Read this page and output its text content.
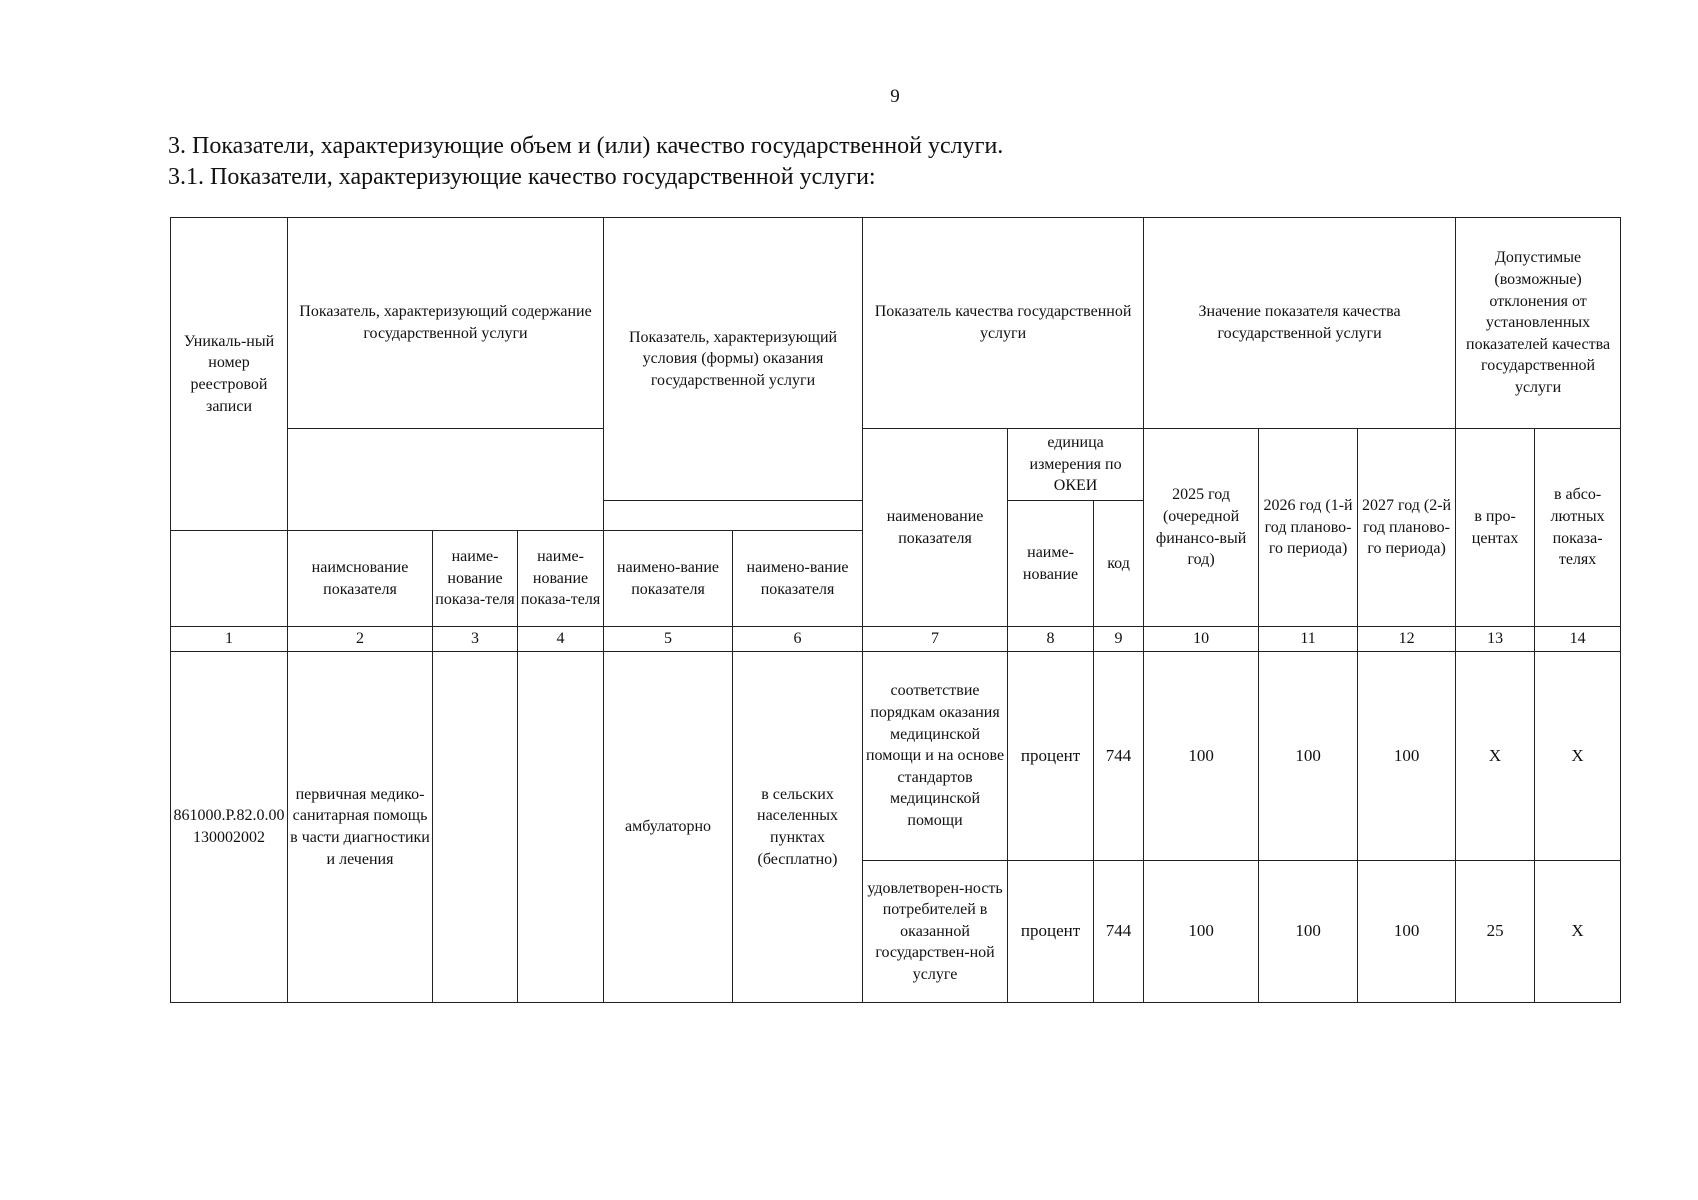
9
3. Показатели, характеризующие объем и (или) качество государственной услуги.
3.1. Показатели, характеризующие качество государственной услуги:
Уникаль-ный номер реестровой записи	Показатель, характеризующий содержание государственной услуги			Показатель, характеризующий условия (формы) оказания государственной услуги		Показатель качества государственной услуги			Значение показателя качества государственной услуги			Допустимые (возможные) отклонения от установленных показателей качества государственной услуги	
						наименование показателя	единица измерения по ОКЕИ		2025 год (очередной финансо-вый год)	2026 год (1-й год планово-го периода)	2027 год (2-й год планово-го периода)	в про-центах	в абсо-лютных показа-телях
							наиме-нование	код					
	наимснование показателя	наиме-нование показа-теля	наиме-нование показа-теля	наимено-вание показателя	наимено-вание показателя								
1	2	3	4	5	6	7	8	9	10	11	12	13	14
861000.Р.82.0.00130002002	первичная медико-санитарная помощь в части диагностики и лечения			амбулаторно	в сельских населенных пунктах (бесплатно)	соответствие порядкам оказания медицинской помощи и на основе стандартов медицинской помощи	процент	744	100	100	100	Х	Х
						удовлетворен-ность потребителей в оказанной государствен-ной услуге	процент	744	100	100	100	25	Х
